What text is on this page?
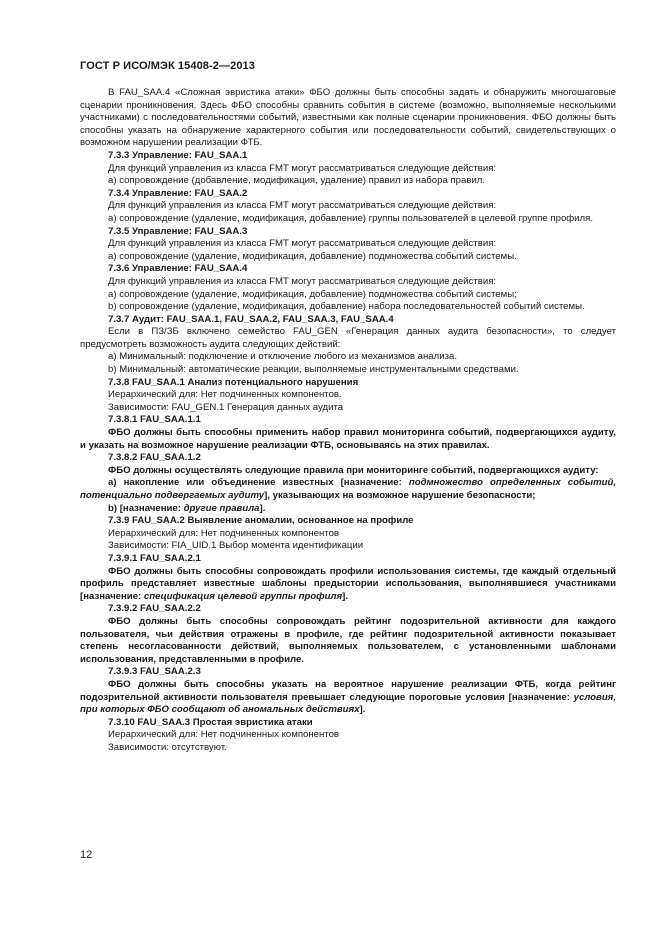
ГОСТ Р ИСО/МЭК 15408-2—2013

В FAU_SAA.4 «Сложная эвристика атаки» ФБО должны быть способны задать и обнаружить многошаговые сценарии проникновения. Здесь ФБО способны сравнить события в системе (возможно, выполняемые несколькими участниками) с последовательностями событий, известными как полные сценарии проникновения. ФБО должны быть способны указать на обнаружение характерного события или последовательности событий, свидетельствующих о возможном нарушении реализации ФТБ.

7.3.3 Управление: FAU_SAA.1

Для функций управления из класса FMT могут рассматриваться следующие действия:

а) сопровождение (добавление, модификация, удаление) правил из набора правил.

7.3.4 Управление: FAU_SAA.2

Для функций управления из класса FMT могут рассматриваться следующие действия:

а) сопровождение (удаление, модификация, добавление) группы пользователей в целевой группе профиля.

7.3.5 Управление: FAU_SAA.3

Для функций управления из класса FMT могут рассматриваться следующие действия:

а) сопровождение (удаление, модификация, добавление) подмножества событий системы.

7.3.6 Управление: FAU_SAA.4

Для функций управления из класса FMT могут рассматриваться следующие действия:

а) сопровождение (удаление, модификация, добавление) подмножества событий системы;

b) сопровождение (удаление, модификация, добавление) набора последовательностей событий системы.

7.3.7 Аудит: FAU_SAA.1, FAU_SAA.2, FAU_SAA.3, FAU_SAA.4

Если в ПЗ/ЗБ включено семейство FAU_GEN «Генерация данных аудита безопасности», то следует предусмотреть возможность аудита следующих действий:

а) Минимальный: подключение и отключение любого из механизмов анализа.

b) Минимальный: автоматические реакции, выполняемые инструментальными средствами.

7.3.8 FAU_SAA.1 Анализ потенциального нарушения

Иерархический для: Нет подчиненных компонентов.

Зависимости: FAU_GEN.1 Генерация данных аудита

7.3.8.1 FAU_SAA.1.1

ФБО должны быть способны применить набор правил мониторинга событий, подвергающихся аудиту, и указать на возможное нарушение реализации ФТБ, основываясь на этих правилах.

7.3.8.2 FAU_SAA.1.2

ФБО должны осуществлять следующие правила при мониторинге событий, подвергающихся аудиту:

а) накопление или объединение известных [назначение: подмножество определенных событий, потенциально подвергаемых аудиту], указывающих на возможное нарушение безопасности;

b) [назначение: другие правила].

7.3.9 FAU_SAA.2 Выявление аномалии, основанное на профиле

Иерархический для: Нет подчиненных компонентов

Зависимости: FIA_UID.1 Выбор момента идентификации

7.3.9.1 FAU_SAA.2.1

ФБО должны быть способны сопровождать профили использования системы, где каждый отдельный профиль представляет известные шаблоны предыстории использования, выполнявшиеся участниками [назначение: спецификация целевой группы профиля].

7.3.9.2 FAU_SAA.2.2

ФБО должны быть способны сопровождать рейтинг подозрительной активности для каждого пользователя, чьи действия отражены в профиле, где рейтинг подозрительной активности показывает степень несогласованности действий, выполняемых пользователем, с установленными шаблонами использования, представленными в профиле.

7.3.9.3 FAU_SAA.2.3

ФБО должны быть способны указать на вероятное нарушение реализации ФТБ, когда рейтинг подозрительной активности пользователя превышает следующие пороговые условия [назначение: условия, при которых ФБО сообщают об аномальных действиях].

7.3.10 FAU_SAA.3 Простая эвристика атаки

Иерархический для: Нет подчиненных компонентов

Зависимости: отсутствуют.

12
